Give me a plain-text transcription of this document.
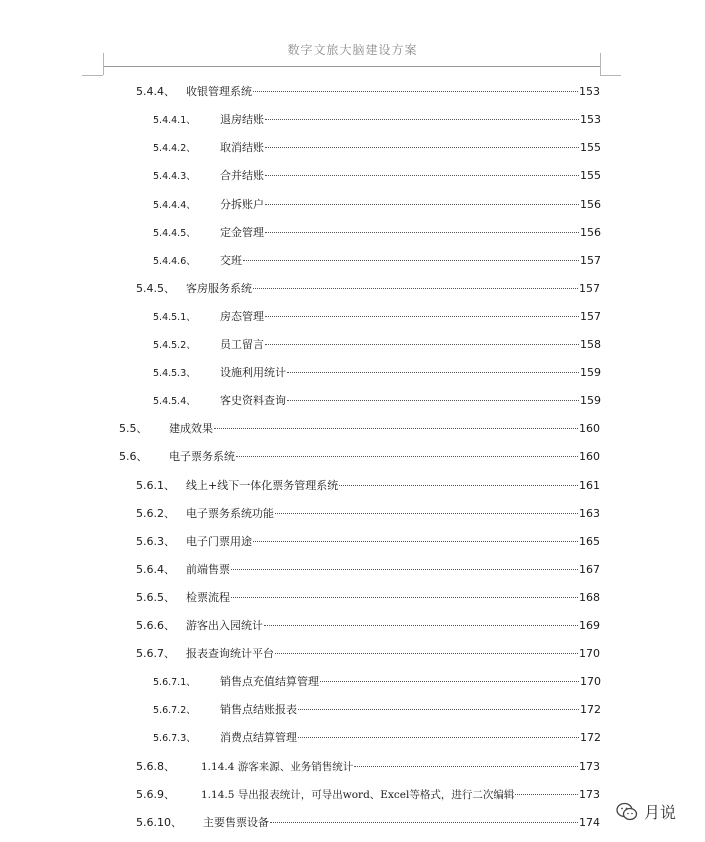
数字文旅大脑建设方案
5.4.4、	收银管理系统	153
5.4.4.1、	退房结账	153
5.4.4.2、	取消结账	155
5.4.4.3、	合并结账	155
5.4.4.4、	分拆账户	156
5.4.4.5、	定金管理	156
5.4.4.6、	交班	157
5.4.5、	客房服务系统	157
5.4.5.1、	房态管理	157
5.4.5.2、	员工留言	158
5.4.5.3、	设施利用统计	159
5.4.5.4、	客史资料查询	159
5.5、	建成效果	160
5.6、	电子票务系统	160
5.6.1、	线上+线下一体化票务管理系统	161
5.6.2、	电子票务系统功能	163
5.6.3、	电子门票用途	165
5.6.4、	前端售票	167
5.6.5、	检票流程	168
5.6.6、	游客出入园统计	169
5.6.7、	报表查询统计平台	170
5.6.7.1、	销售点充值结算管理	170
5.6.7.2、	销售点结账报表	172
5.6.7.3、	消费点结算管理	172
5.6.8、	1.14.4 游客来源、业务销售统计	173
5.6.9、	1.14.5 导出报表统计，可导出word、Excel等格式，进行二次编辑	173
5.6.10、	主要售票设备	174
月说
